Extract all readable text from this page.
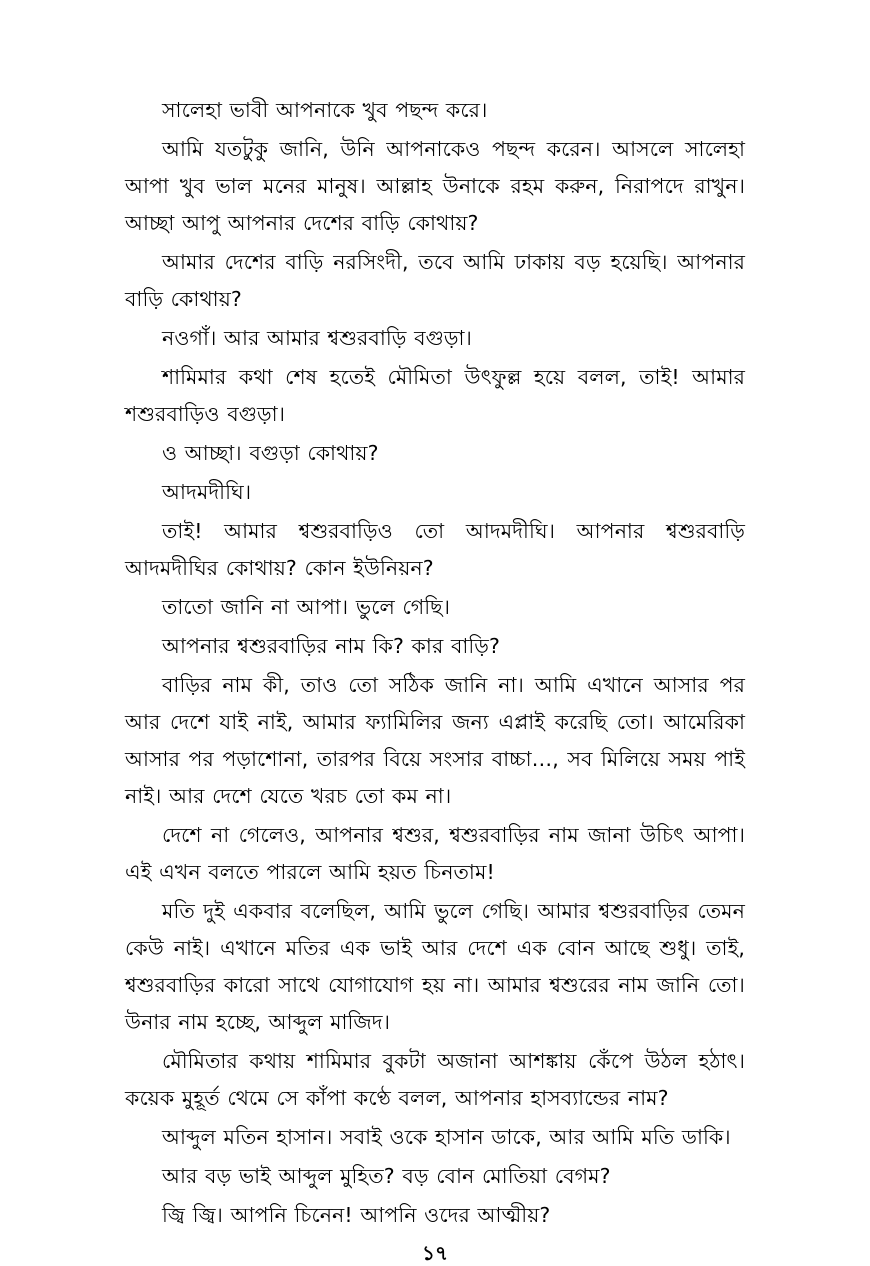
সালেহা ভাবী আপনাকে খুব পছন্দ করে।

আমি যতটুকু জানি, উনি আপনাকেও পছন্দ করেন। আসলে সালেহা আপা খুব ভাল মনের মানুষ। আল্লাহ উনাকে রহম করুন, নিরাপদে রাখুন। আচ্ছা আপু আপনার দেশের বাড়ি কোথায়?

আমার দেশের বাড়ি নরসিংদী, তবে আমি ঢাকায় বড় হয়েছি। আপনার বাড়ি কোথায়?

নওগাঁ। আর আমার শ্বশুরবাড়ি বগুড়া।

শামিমার কথা শেষ হতেই মৌমিতা উৎফুল্ল হয়ে বলল, তাই! আমার শশুরবাড়িও বগুড়া।

ও আচ্ছা। বগুড়া কোথায়?

আদমদীঘি।

তাই! আমার শ্বশুরবাড়িও তো আদমদীঘি। আপনার শ্বশুরবাড়ি আদমদীঘির কোথায়? কোন ইউনিয়ন?

তাতো জানি না আপা। ভুলে গেছি।

আপনার শ্বশুরবাড়ির নাম কি? কার বাড়ি?

বাড়ির নাম কী, তাও তো সঠিক জানি না। আমি এখানে আসার পর আর দেশে যাই নাই, আমার ফ্যামিলির জন্য এপ্লাই করেছি তো। আমেরিকা আসার পর পড়াশোনা, তারপর বিয়ে সংসার বাচ্চা…, সব মিলিয়ে সময় পাই নাই। আর দেশে যেতে খরচ তো কম না।

দেশে না গেলেও, আপনার শ্বশুর, শ্বশুরবাড়ির নাম জানা উচিৎ আপা। এই এখন বলতে পারলে আমি হয়ত চিনতাম!

মতি দুই একবার বলেছিল, আমি ভুলে গেছি। আমার শ্বশুরবাড়ির তেমন কেউ নাই। এখানে মতির এক ভাই আর দেশে এক বোন আছে শুধু। তাই, শ্বশুরবাড়ির কারো সাথে যোগাযোগ হয় না। আমার শ্বশুরের নাম জানি তো। উনার নাম হচ্ছে, আব্দুল মাজিদ।

মৌমিতার কথায় শামিমার বুকটা অজানা আশঙ্কায় কেঁপে উঠল হঠাৎ। কয়েক মুহূর্ত থেমে সে কাঁপা কণ্ঠে বলল, আপনার হাসব্যান্ডের নাম?

আব্দুল মতিন হাসান। সবাই ওকে হাসান ডাকে, আর আমি মতি ডাকি।

আর বড় ভাই আব্দুল মুহিত? বড় বোন মোতিয়া বেগম?

জ্বি জ্বি। আপনি চিনেন! আপনি ওদের আত্মীয়?

১৭
